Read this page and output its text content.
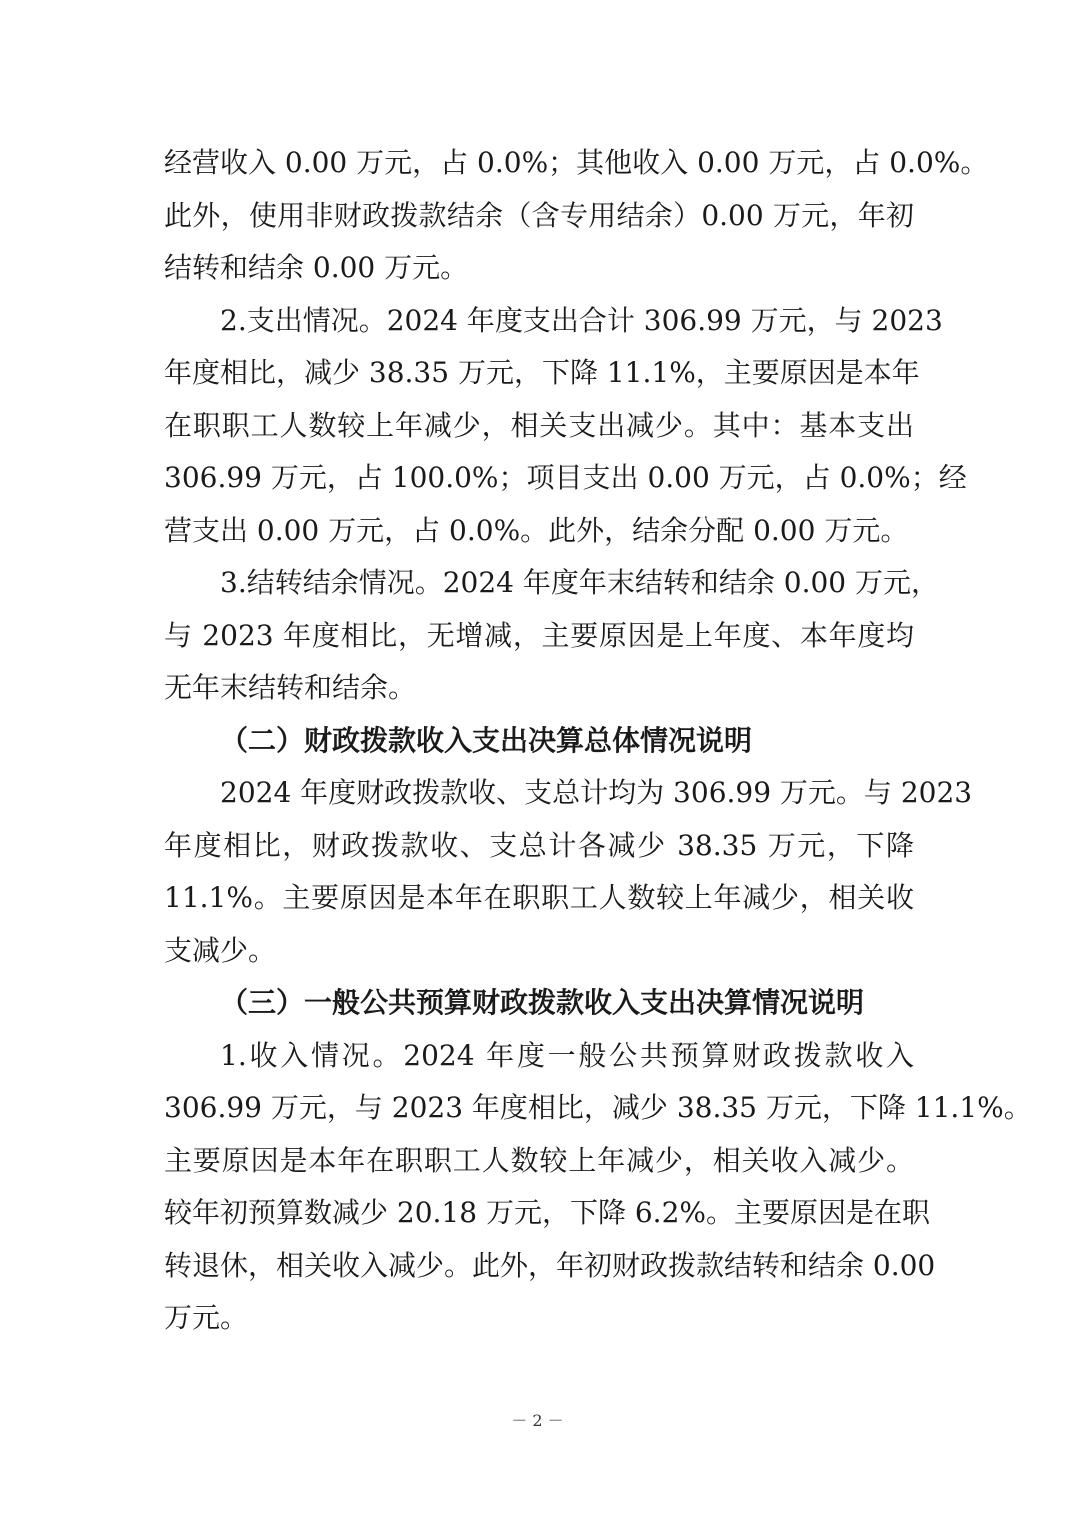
经营收入 0.00 万元，占 0.0%；其他收入 0.00 万元，占 0.0%。
此外，使用非财政拨款结余（含专用结余）0.00 万元，年初
结转和结余 0.00 万元。
2.支出情况。2024 年度支出合计 306.99 万元，与 2023
年度相比，减少 38.35 万元，下降 11.1%，主要原因是本年
在职职工人数较上年减少，相关支出减少。其中：基本支出
306.99 万元，占 100.0%；项目支出 0.00 万元，占 0.0%；经
营支出 0.00 万元，占 0.0%。此外，结余分配 0.00 万元。
3.结转结余情况。2024 年度年末结转和结余 0.00 万元，
与 2023 年度相比，无增减，主要原因是上年度、本年度均
无年末结转和结余。
（二）财政拨款收入支出决算总体情况说明
2024 年度财政拨款收、支总计均为 306.99 万元。与 2023
年度相比，财政拨款收、支总计各减少 38.35 万元，下降
11.1%。主要原因是本年在职职工人数较上年减少，相关收
支减少。
（三）一般公共预算财政拨款收入支出决算情况说明
1.收入情况。2024 年度一般公共预算财政拨款收入
306.99 万元，与 2023 年度相比，减少 38.35 万元，下降 11.1%。
主要原因是本年在职职工人数较上年减少，相关收入减少。
较年初预算数减少 20.18 万元，下降 6.2%。主要原因是在职
转退休，相关收入减少。此外，年初财政拨款结转和结余 0.00
万元。
－ 2 －
